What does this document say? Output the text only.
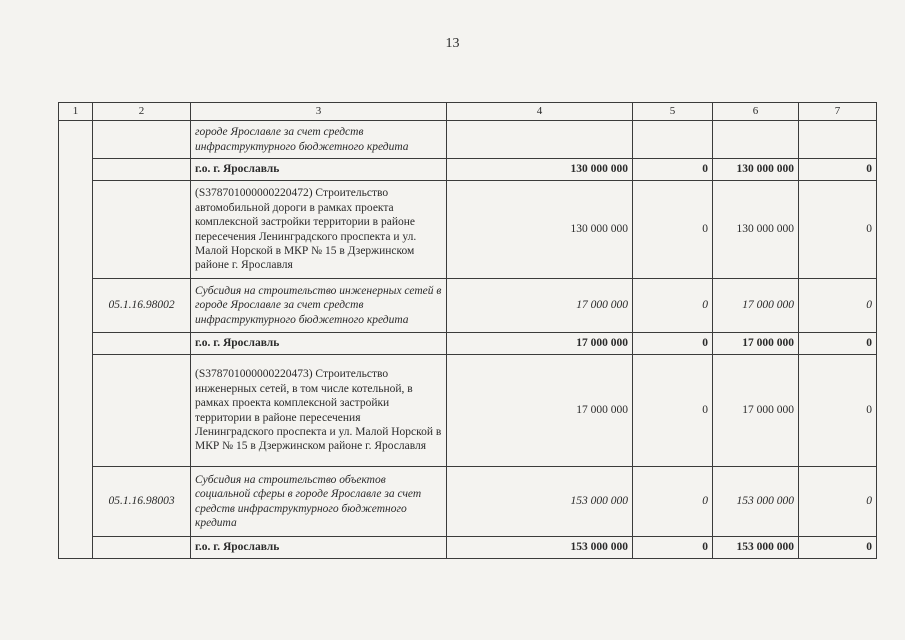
13
1	2	3	4	5	6	7
		городе Ярославле за счет средств инфраструктурного бюджетного кредита				
		г.о. г. Ярославль	130 000 000	0	130 000 000	0
		(S378701000000220472) Строительство автомобильной дороги в рамках проекта комплексной застройки территории в районе пересечения Ленинградского проспекта и ул. Малой Норской в МКР № 15 в Дзержинском районе г. Ярославля	130 000 000	0	130 000 000	0
	05.1.16.98002	Субсидия на строительство инженерных сетей в городе Ярославле за счет средств инфраструктурного бюджетного кредита	17 000 000	0	17 000 000	0
		г.о. г. Ярославль	17 000 000	0	17 000 000	0
		(S378701000000220473) Строительство инженерных сетей, в том числе котельной, в рамках проекта комплексной застройки территории в районе пересечения Ленинградского проспекта и ул. Малой Норской в МКР № 15 в Дзержинском районе г. Ярославля	17 000 000	0	17 000 000	0
	05.1.16.98003	Субсидия на строительство объектов социальной сферы в городе Ярославле за счет средств инфраструктурного бюджетного кредита	153 000 000	0	153 000 000	0
		г.о. г. Ярославль	153 000 000	0	153 000 000	0
